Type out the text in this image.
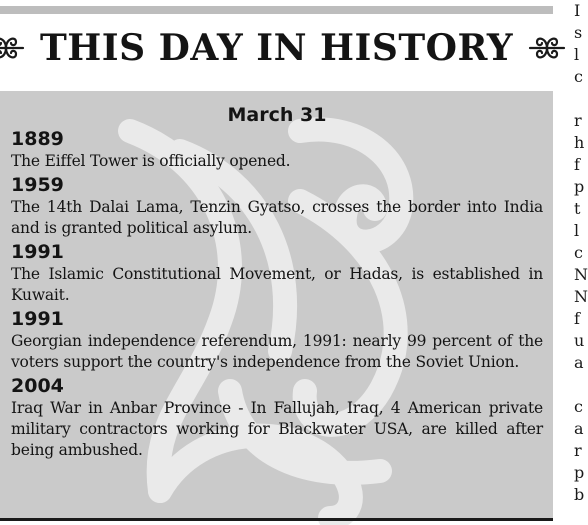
THIS DAY IN HISTORY
March 31
1889

The Eiffel Tower is officially opened.

1959

The 14th Dalai Lama, Tenzin Gyatso, crosses the border into India and is granted political asylum.

1991

The Islamic Constitutional Movement, or Hadas, is established in Kuwait.

1991

Georgian independence referendum, 1991: nearly 99 percent of the voters support the country's independence from the Soviet Union.

2004

Iraq War in Anbar Province - In Fallujah, Iraq, 4 American private military contractors working for Blackwater USA, are killed after being ambushed.

I
s
l
c
r
h
f
p
t
l
c
N
N
f
u
a
c
a
r
p
b
